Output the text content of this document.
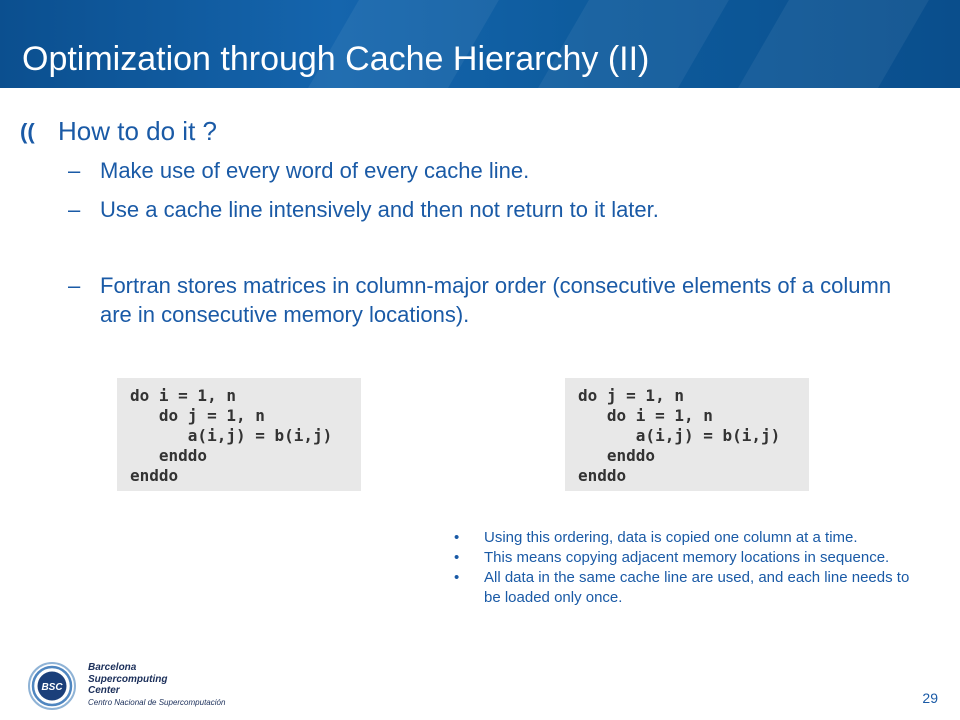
Optimization through Cache Hierarchy (II)
(( How to do it ?
– Make use of every word of every cache line.
– Use a cache line intensively and then not return to it later.
– Fortran stores matrices in column-major order (consecutive elements of a column are in consecutive memory locations).
do i = 1, n
do j = 1, n
a(i,j) = b(i,j)
enddo
enddo
do j = 1, n
do i = 1, n
a(i,j) = b(i,j)
enddo
enddo
•	Using this ordering, data is copied one column at a time.
•	This means copying adjacent memory locations in sequence.
•	All data in the same cache line are used, and each line needs to be loaded only once.
BSC
Barcelona
Supercomputing
Center
Centro Nacional de Supercomputación	29
